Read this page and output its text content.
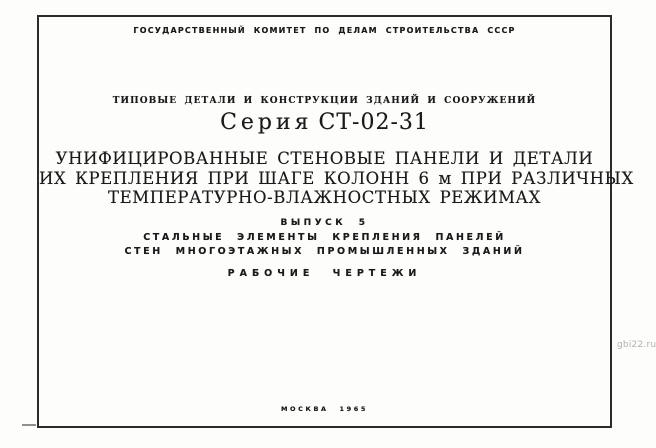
ГОСУДАРСТВЕННЫЙ КОМИТЕТ ПО ДЕЛАМ СТРОИТЕЛЬСТВА СССР
ТИПОВЫЕ ДЕТАЛИ И КОНСТРУКЦИИ ЗДАНИЙ И СООРУЖЕНИЙ
Серия СТ-02-31
УНИФИЦИРОВАННЫЕ СТЕНОВЫЕ ПАНЕЛИ И ДЕТАЛИ
ИХ КРЕПЛЕНИЯ ПРИ ШАГЕ КОЛОНН 6 м ПРИ РАЗЛИЧНЫХ
ТЕМПЕРАТУРНО-ВЛАЖНОСТНЫХ РЕЖИМАХ
ВЫПУСК 5
СТАЛЬНЫЕ ЭЛЕМЕНТЫ КРЕПЛЕНИЯ ПАНЕЛЕЙ
СТЕН МНОГОЭТАЖНЫХ ПРОМЫШЛЕННЫХ ЗДАНИЙ
РАБОЧИЕ ЧЕРТЕЖИ
МОСКВА 1965
gbi22.ru
